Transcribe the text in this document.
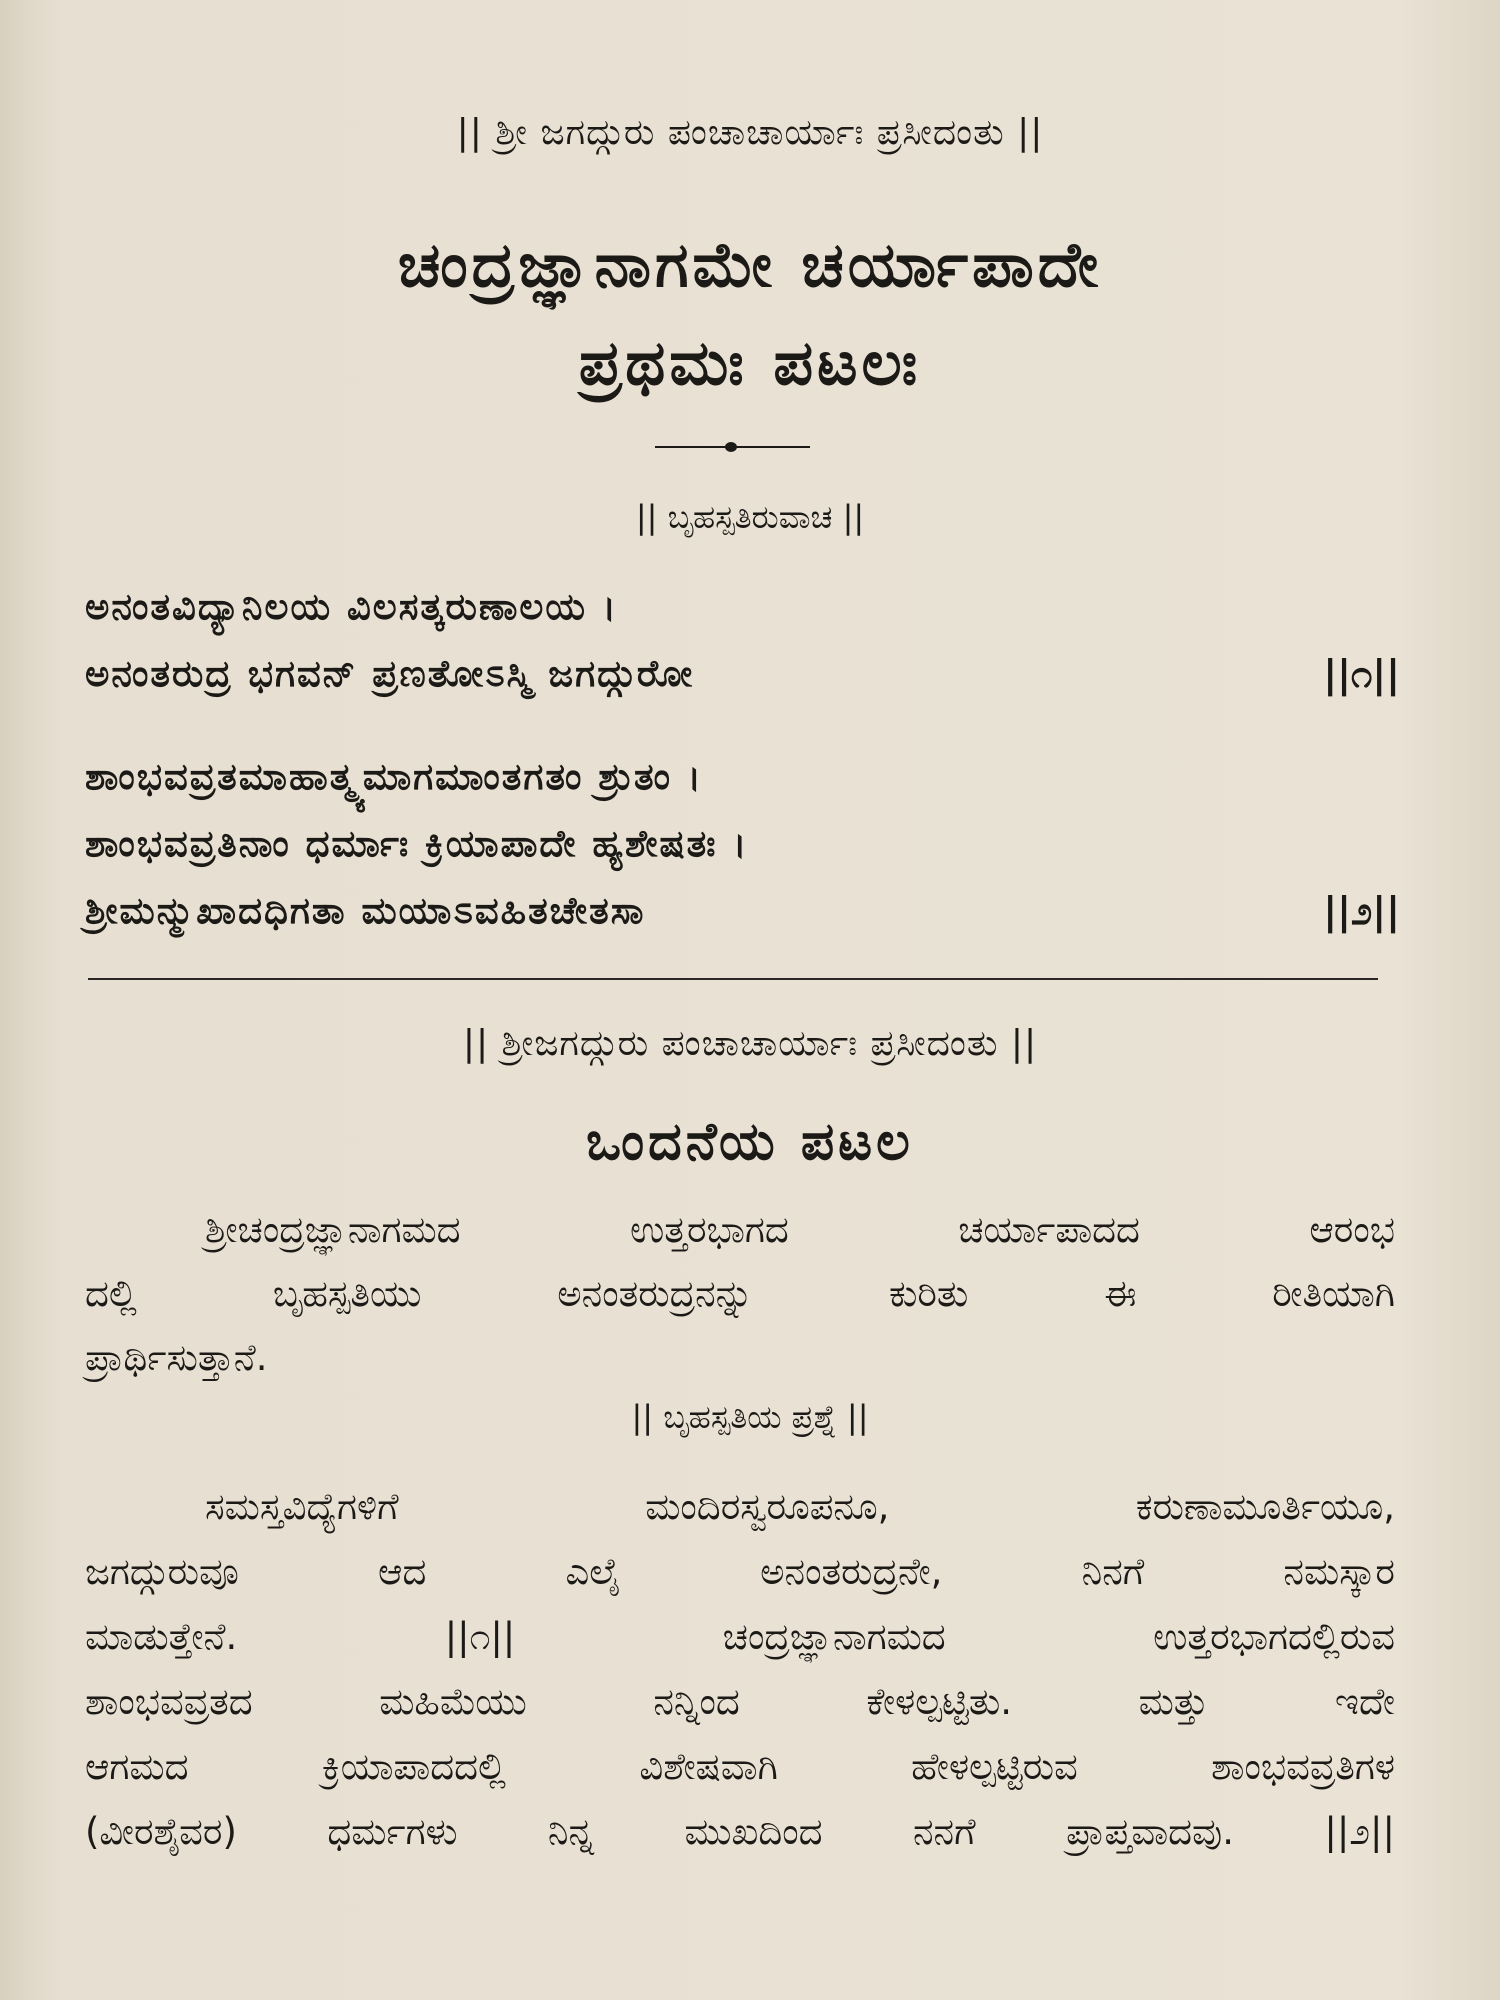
|| ಶ್ರೀ ಜಗದ್ಗುರು ಪಂಚಾಚಾರ್ಯಾಃ ಪ್ರಸೀದಂತು ||
ಚಂದ್ರಜ್ಞಾನಾಗಮೇ ಚರ್ಯಾಪಾದೇ
ಪ್ರಥಮಃ ಪಟಲಃ
|| ಬೃಹಸ್ಪತಿರುವಾಚ ||
ಅನಂತವಿದ್ಯಾನಿಲಯ ವಿಲಸತ್ಕರುಣಾಲಯ ।
ಅನಂತರುದ್ರ ಭಗವನ್ ಪ್ರಣತೋಽಸ್ಮಿ ಜಗದ್ಗುರೋ	||೧||
ಶಾಂಭವವ್ರತಮಾಹಾತ್ಮ್ಯಮಾಗಮಾಂತಗತಂ ಶ್ರುತಂ ।
ಶಾಂಭವವ್ರತಿನಾಂ ಧರ್ಮಾಃ ಕ್ರಿಯಾಪಾದೇ ಹ್ಯಶೇಷತಃ ।
ಶ್ರೀಮನ್ಮುಖಾದಧಿಗತಾ ಮಯಾಽವಹಿತಚೇತಸಾ	||೨||
|| ಶ್ರೀಜಗದ್ಗುರು ಪಂಚಾಚಾರ್ಯಾಃ ಪ್ರಸೀದಂತು ||
ಒಂದನೆಯ ಪಟಲ
ಶ್ರೀಚಂದ್ರಜ್ಞಾನಾಗಮದ ಉತ್ತರಭಾಗದ ಚರ್ಯಾಪಾದದ ಆರಂಭ
ದಲ್ಲಿ ಬೃಹಸ್ಪತಿಯು ಅನಂತರುದ್ರನನ್ನು ಕುರಿತು ಈ ರೀತಿಯಾಗಿ
ಪ್ರಾರ್ಥಿಸುತ್ತಾನೆ.
|| ಬೃಹಸ್ಪತಿಯ ಪ್ರಶ್ನೆ ||
ಸಮಸ್ತವಿದ್ಯೆಗಳಿಗೆ ಮಂದಿರಸ್ವರೂಪನೂ, ಕರುಣಾಮೂರ್ತಿಯೂ,
ಜಗದ್ಗುರುವೂ ಆದ ಎಲೈ ಅನಂತರುದ್ರನೇ, ನಿನಗೆ ನಮಸ್ಕಾರ
ಮಾಡುತ್ತೇನೆ. ||೧|| ಚಂದ್ರಜ್ಞಾನಾಗಮದ ಉತ್ತರಭಾಗದಲ್ಲಿರುವ
ಶಾಂಭವವ್ರತದ ಮಹಿಮೆಯು ನನ್ನಿಂದ ಕೇಳಲ್ಪಟ್ಟಿತು. ಮತ್ತು ಇದೇ
ಆಗಮದ ಕ್ರಿಯಾಪಾದದಲ್ಲಿ ವಿಶೇಷವಾಗಿ ಹೇಳಲ್ಪಟ್ಟಿರುವ ಶಾಂಭವವ್ರತಿಗಳ
(ವೀರಶೈವರ) ಧರ್ಮಗಳು ನಿನ್ನ ಮುಖದಿಂದ ನನಗೆ ಪ್ರಾಪ್ತವಾದವು. ||೨||
